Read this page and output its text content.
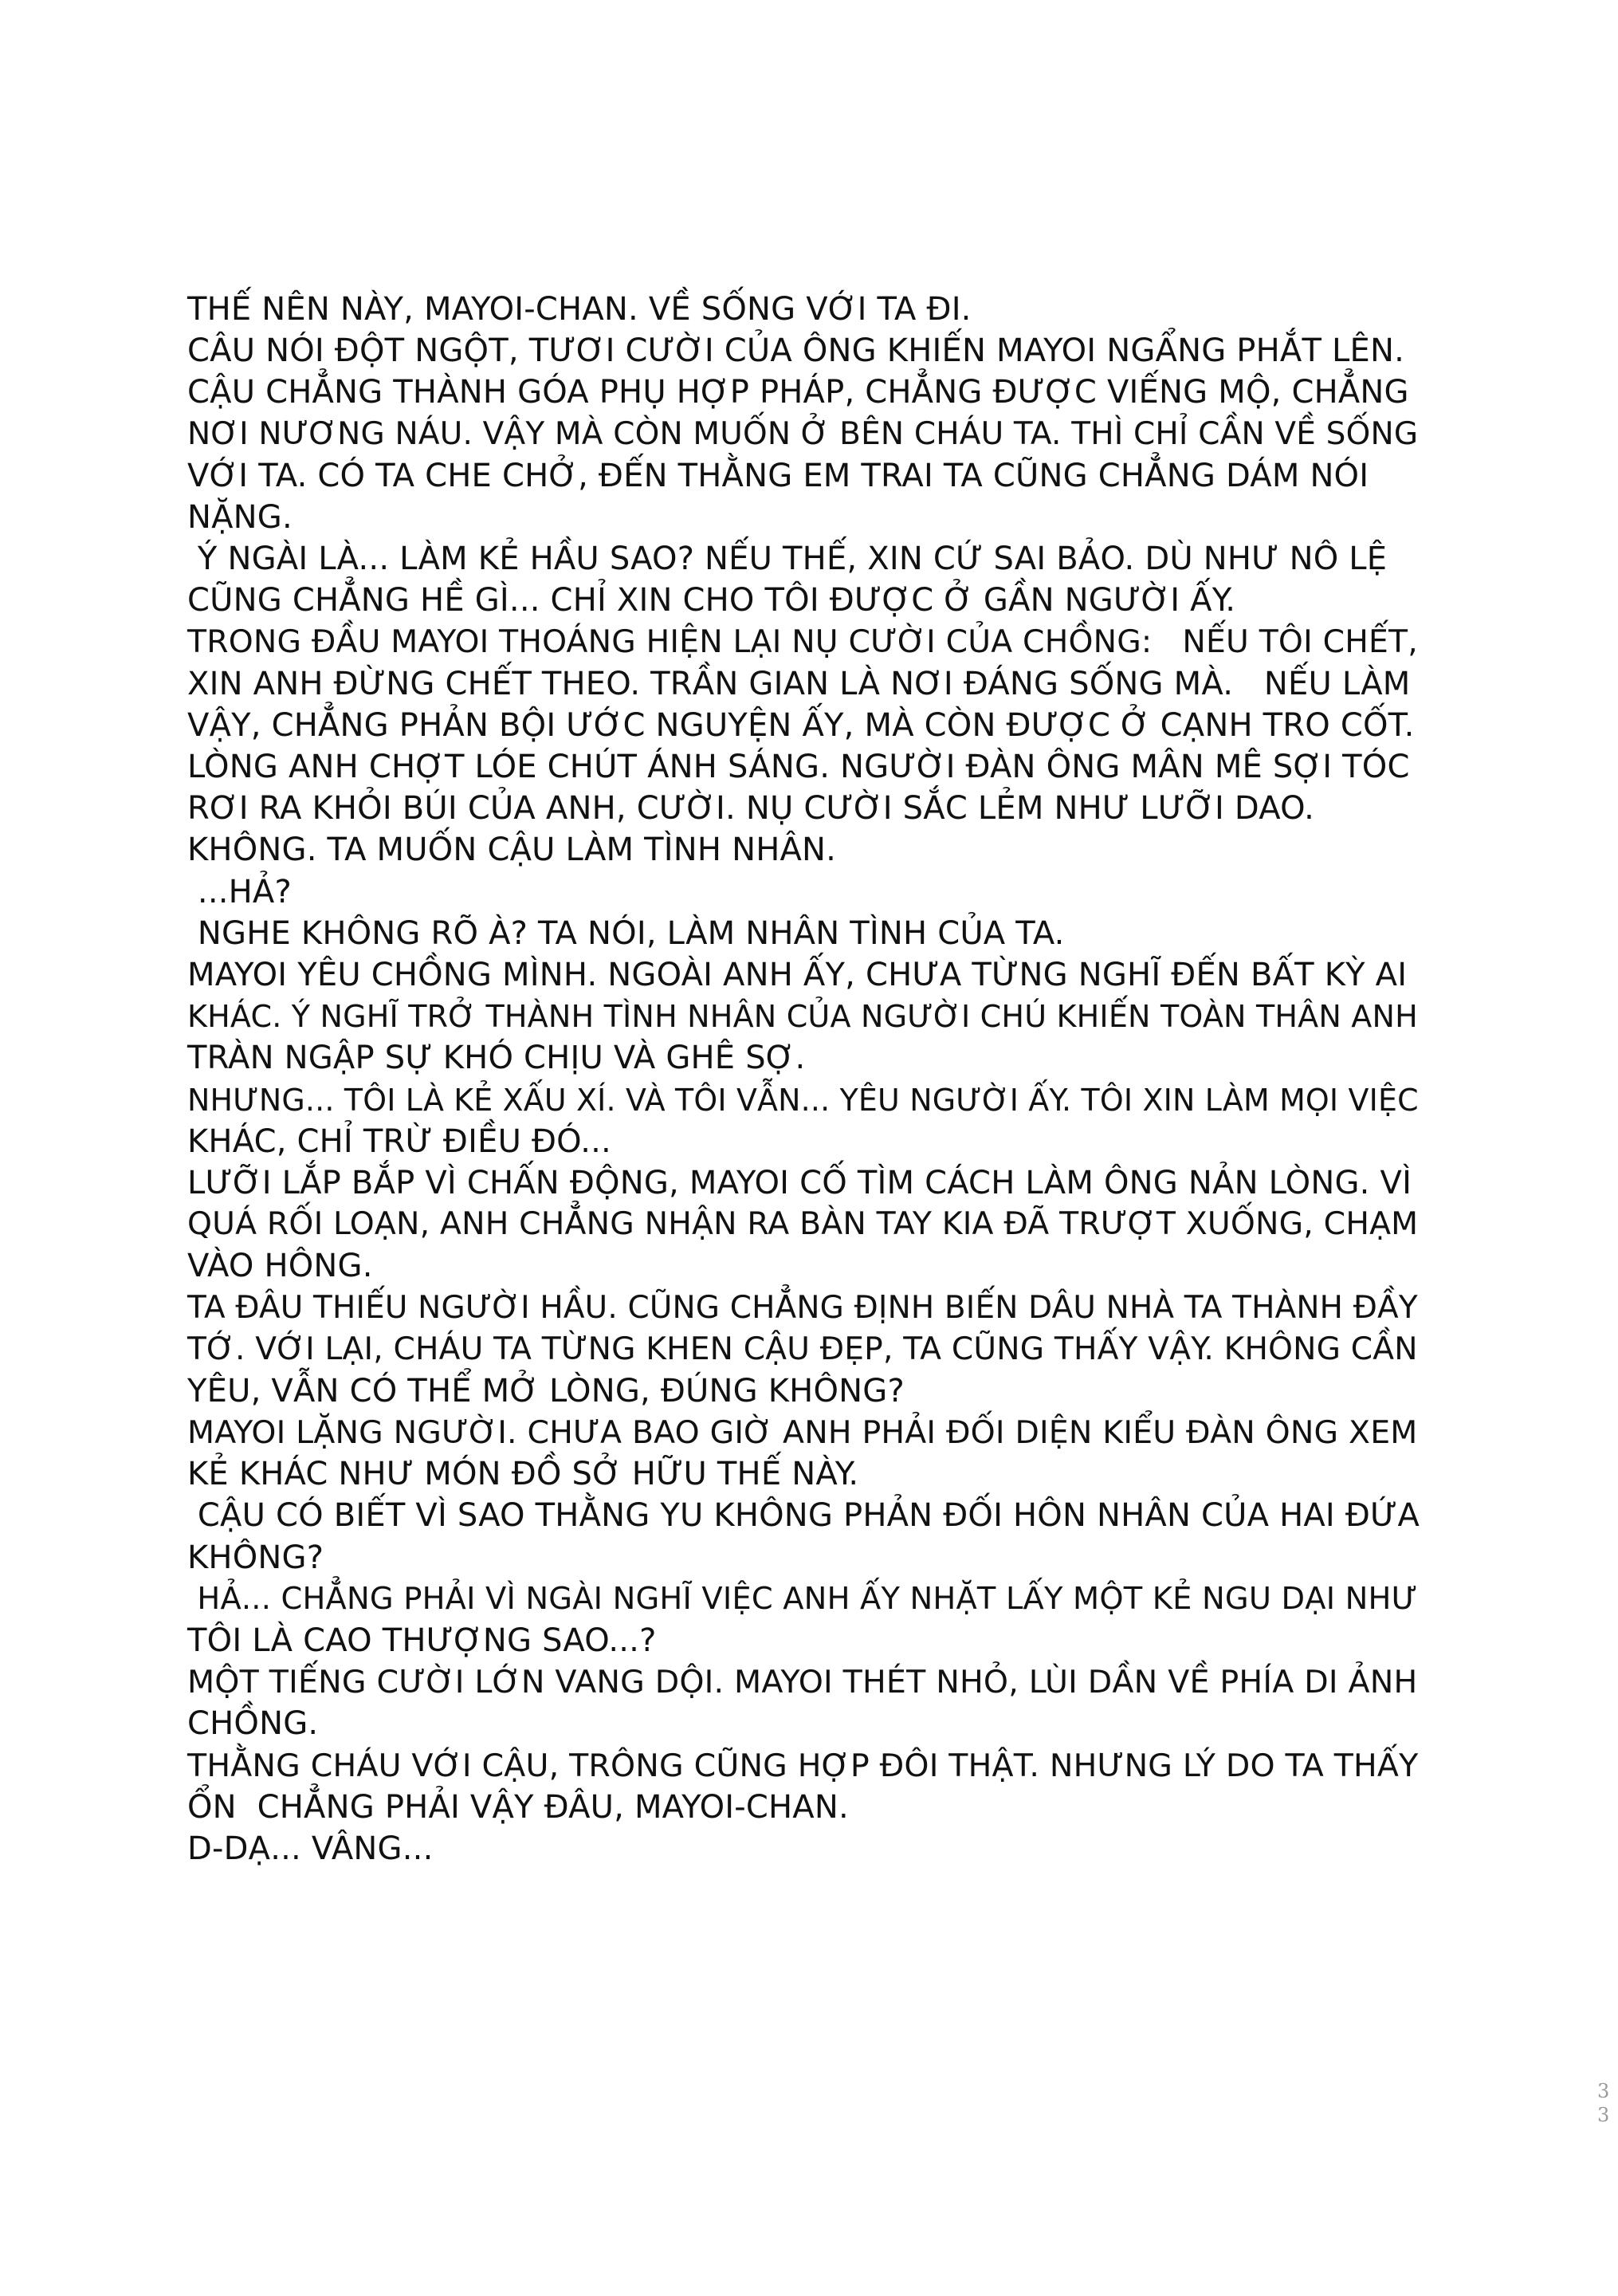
THẾ NÊN NÀY, MAYOI-CHAN. VỀ SỐNG VỚI TA ĐI.
CÂU NÓI ĐỘT NGỘT, TƯƠI CƯỜI CỦA ÔNG KHIẾN MAYOI NGẨNG PHẮT LÊN.
CẬU CHẲNG THÀNH GÓA PHỤ HỢP PHÁP, CHẲNG ĐƯỢC VIẾNG MỘ, CHẲNG
NƠI NƯƠNG NÁU. VẬY MÀ CÒN MUỐN Ở BÊN CHÁU TA. THÌ CHỈ CẦN VỀ SỐNG
VỚI TA. CÓ TA CHE CHỞ, ĐẾN THẰNG EM TRAI TA CŨNG CHẲNG DÁM NÓI
NẶNG.
Ý NGÀI LÀ... LÀM KẺ HẦU SAO? NẾU THẾ, XIN CỨ SAI BẢO. DÙ NHƯ NÔ LỆ
CŨNG CHẲNG HỀ GÌ... CHỈ XIN CHO TÔI ĐƯỢC Ở GẦN NGƯỜI ẤY.
TRONG ĐẦU MAYOI THOÁNG HIỆN LẠI NỤ CƯỜI CỦA CHỒNG:   NẾU TÔI CHẾT,
XIN ANH ĐỪNG CHẾT THEO. TRẦN GIAN LÀ NƠI ĐÁNG SỐNG MÀ.   NẾU LÀM
VẬY, CHẲNG PHẢN BỘI ƯỚC NGUYỆN ẤY, MÀ CÒN ĐƯỢC Ở CẠNH TRO CỐT.
LÒNG ANH CHỢT LÓE CHÚT ÁNH SÁNG. NGƯỜI ĐÀN ÔNG MÂN MÊ SỢI TÓC
RƠI RA KHỎI BÚI CỦA ANH, CƯỜI. NỤ CƯỜI SẮC LẺM NHƯ LƯỠI DAO.
KHÔNG. TA MUỐN CẬU LÀM TÌNH NHÂN.
...HẢ?
NGHE KHÔNG RÕ À? TA NÓI, LÀM NHÂN TÌNH CỦA TA.
MAYOI YÊU CHỒNG MÌNH. NGOÀI ANH ẤY, CHƯA TỪNG NGHĨ ĐẾN BẤT KỲ AI
KHÁC. Ý NGHĨ TRỞ THÀNH TÌNH NHÂN CỦA NGƯỜI CHÚ KHIẾN TOÀN THÂN ANH
TRÀN NGẬP SỰ KHÓ CHỊU VÀ GHÊ SỢ.
NHƯNG... TÔI LÀ KẺ XẤU XÍ. VÀ TÔI VẪN... YÊU NGƯỜI ẤY. TÔI XIN LÀM MỌI VIỆC
KHÁC, CHỈ TRỪ ĐIỀU ĐÓ...
LƯỠI LẮP BẮP VÌ CHẤN ĐỘNG, MAYOI CỐ TÌM CÁCH LÀM ÔNG NẢN LÒNG. VÌ
QUÁ RỐI LOẠN, ANH CHẲNG NHẬN RA BÀN TAY KIA ĐÃ TRƯỢT XUỐNG, CHẠM
VÀO HÔNG.
TA ĐÂU THIẾU NGƯỜI HẦU. CŨNG CHẲNG ĐỊNH BIẾN DÂU NHÀ TA THÀNH ĐẦY
TỚ. VỚI LẠI, CHÁU TA TỪNG KHEN CẬU ĐẸP, TA CŨNG THẤY VẬY. KHÔNG CẦN
YÊU, VẪN CÓ THỂ MỞ LÒNG, ĐÚNG KHÔNG?
MAYOI LẶNG NGƯỜI. CHƯA BAO GIỜ ANH PHẢI ĐỐI DIỆN KIỂU ĐÀN ÔNG XEM
KẺ KHÁC NHƯ MÓN ĐỒ SỞ HỮU THẾ NÀY.
CẬU CÓ BIẾT VÌ SAO THẰNG YU KHÔNG PHẢN ĐỐI HÔN NHÂN CỦA HAI ĐỨA
KHÔNG?
HẢ... CHẲNG PHẢI VÌ NGÀI NGHĨ VIỆC ANH ẤY NHẶT LẤY MỘT KẺ NGU DẠI NHƯ
TÔI LÀ CAO THƯỢNG SAO...?
MỘT TIẾNG CƯỜI LỚN VANG DỘI. MAYOI THÉT NHỎ, LÙI DẦN VỀ PHÍA DI ẢNH
CHỒNG.
THẰNG CHÁU VỚI CẬU, TRÔNG CŨNG HỢP ĐÔI THẬT. NHƯNG LÝ DO TA THẤY
ỔN  CHẲNG PHẢI VẬY ĐÂU, MAYOI-CHAN.
D-DẠ... VÂNG...
3
3
